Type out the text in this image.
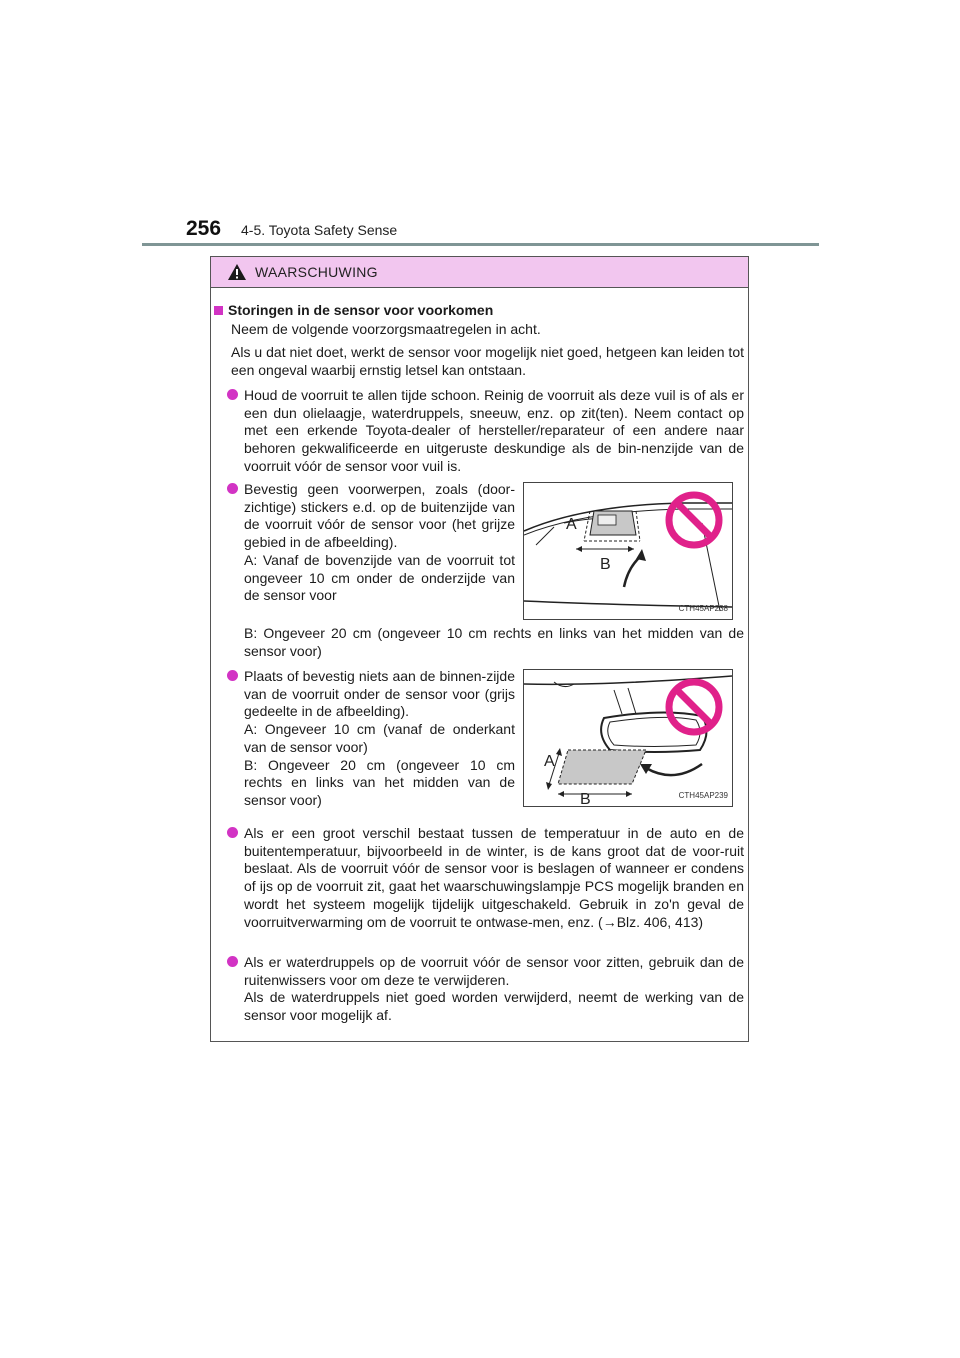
256 4-5. Toyota Safety Sense
WAARSCHUWING
Storingen in de sensor voor voorkomen
Neem de volgende voorzorgsmaatregelen in acht.
Als u dat niet doet, werkt de sensor voor mogelijk niet goed, hetgeen kan leiden tot een ongeval waarbij ernstig letsel kan ontstaan.
Houd de voorruit te allen tijde schoon. Reinig de voorruit als deze vuil is of als er een dun olielaagje, waterdruppels, sneeuw, enz. op zit(ten). Neem contact op met een erkende Toyota-dealer of hersteller/reparateur of een andere naar behoren gekwalificeerde en uitgeruste deskundige als de bin-nenzijde van de voorruit vóór de sensor voor vuil is.
Bevestig geen voorwerpen, zoals (door-zichtige) stickers e.d. op de buitenzijde van de voorruit vóór de sensor voor (het grijze gebied in de afbeelding).
A: Vanaf de bovenzijde van de voorruit tot ongeveer 10 cm onder de onderzijde van de sensor voor
A
B
CTH45AP238
B: Ongeveer 20 cm (ongeveer 10 cm rechts en links van het midden van de sensor voor)
Plaats of bevestig niets aan de binnen-zijde van de voorruit onder de sensor voor (grijs gedeelte in de afbeelding).
A: Ongeveer 10 cm (vanaf de onderkant van de sensor voor)
B: Ongeveer 20 cm (ongeveer 10 cm rechts en links van het midden van de sensor voor)
A
B	CTH45AP239
Als er een groot verschil bestaat tussen de temperatuur in de auto en de buitentemperatuur, bijvoorbeeld in de winter, is de kans groot dat de voor-ruit beslaat. Als de voorruit vóór de sensor voor is beslagen of wanneer er condens of ijs op de voorruit zit, gaat het waarschuwingslampje PCS mogelijk branden en wordt het systeem mogelijk tijdelijk uitgeschakeld. Gebruik in zo'n geval de voorruitverwarming om de voorruit te ontwase-men, enz. (→Blz. 406, 413)
Als er waterdruppels op de voorruit vóór de sensor voor zitten, gebruik dan de ruitenwissers voor om deze te verwijderen.
Als de waterdruppels niet goed worden verwijderd, neemt de werking van de sensor voor mogelijk af.
